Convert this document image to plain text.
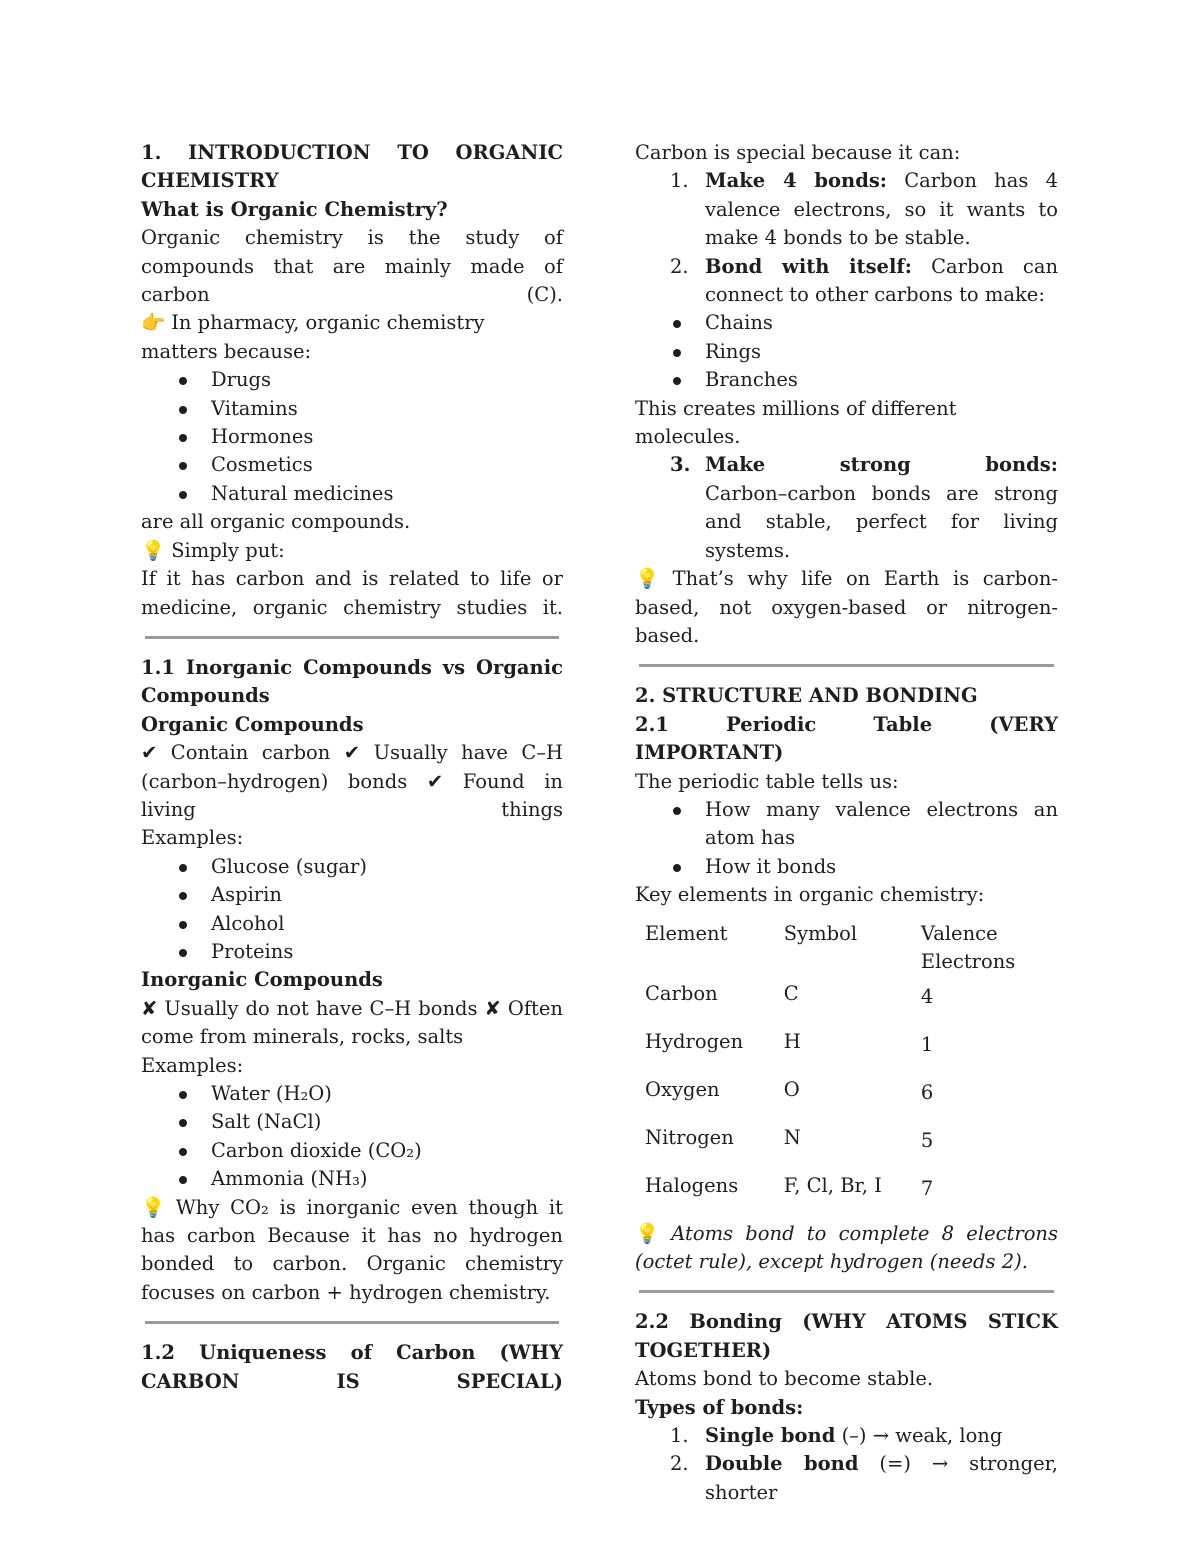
1. INTRODUCTION TO ORGANIC CHEMISTRY

What is Organic Chemistry?

Organic chemistry is the study of compounds that are mainly made of carbon (C).

👉 In pharmacy, organic chemistry matters because:

Drugs
Vitamins
Hormones
Cosmetics
Natural medicines

are all organic compounds.

💡 Simply put:

If it has carbon and is related to life or medicine, organic chemistry studies it.

1.1 Inorganic Compounds vs Organic Compounds

Organic Compounds

✔ Contain carbon ✔ Usually have C–H (carbon–hydrogen) bonds ✔ Found in living things

Examples:

Glucose (sugar)
Aspirin
Alcohol
Proteins

Inorganic Compounds

✘ Usually do not have C–H bonds ✘ Often come from minerals, rocks, salts

Examples:

Water (H₂O)
Salt (NaCl)
Carbon dioxide (CO₂)
Ammonia (NH₃)

💡 Why CO₂ is inorganic even though it has carbon Because it has no hydrogen bonded to carbon. Organic chemistry focuses on carbon + hydrogen chemistry.

1.2 Uniqueness of Carbon (WHY CARBON IS SPECIAL)

Carbon is special because it can:

1. Make 4 bonds: Carbon has 4 valence electrons, so it wants to make 4 bonds to be stable.
2. Bond with itself: Carbon can connect to other carbons to make:
Chains
Rings
Branches

This creates millions of different molecules.

3. Make strong bonds:
Carbon–carbon bonds are strong and stable, perfect for living systems.

💡 That’s why life on Earth is carbon-based, not oxygen-based or nitrogen-based.

2. STRUCTURE AND BONDING

2.1 Periodic Table (VERY IMPORTANT)

The periodic table tells us:

How many valence electrons an atom has
How it bonds

Key elements in organic chemistry:

Element	Symbol	Valence Electrons
Carbon	C	4
Hydrogen	H	1
Oxygen	O	6
Nitrogen	N	5
Halogens	F, Cl, Br, I	7

💡 Atoms bond to complete 8 electrons (octet rule), except hydrogen (needs 2).

2.2 Bonding (WHY ATOMS STICK TOGETHER)

Atoms bond to become stable.

Types of bonds:

1. Single bond (–) → weak, long
2. Double bond (=) → stronger, shorter
